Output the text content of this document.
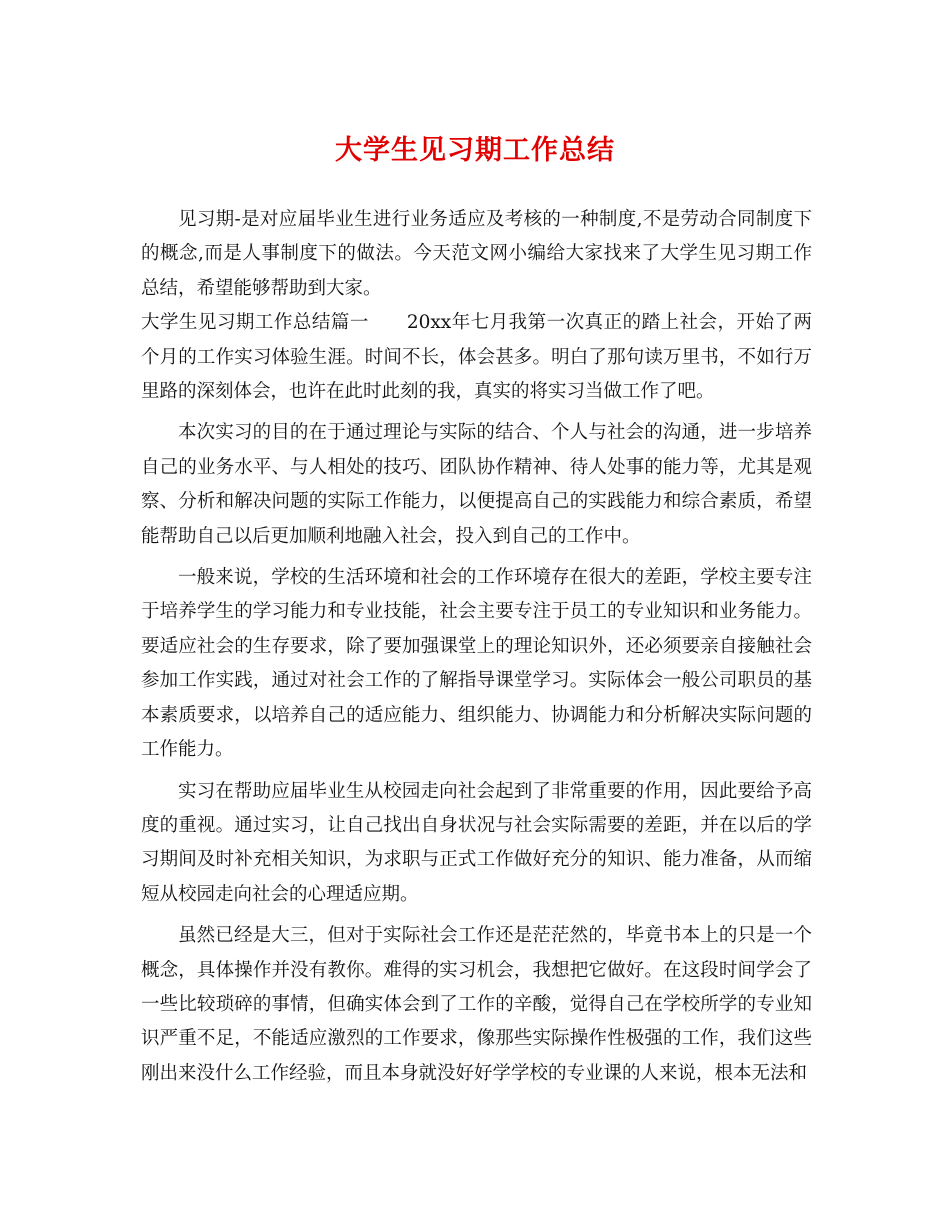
大学生见习期工作总结

见习期-是对应届毕业生进行业务适应及考核的一种制度,不是劳动合同制度下的概念,而是人事制度下的做法。今天范文网小编给大家找来了大学生见习期工作总结，希望能够帮助到大家。

大学生见习期工作总结篇一　　20xx年七月我第一次真正的踏上社会，开始了两个月的工作实习体验生涯。时间不长，体会甚多。明白了那句读万里书，不如行万里路的深刻体会，也许在此时此刻的我，真实的将实习当做工作了吧。

本次实习的目的在于通过理论与实际的结合、个人与社会的沟通，进一步培养自己的业务水平、与人相处的技巧、团队协作精神、待人处事的能力等，尤其是观察、分析和解决问题的实际工作能力，以便提高自己的实践能力和综合素质，希望能帮助自己以后更加顺利地融入社会，投入到自己的工作中。

一般来说，学校的生活环境和社会的工作环境存在很大的差距，学校主要专注于培养学生的学习能力和专业技能，社会主要专注于员工的专业知识和业务能力。要适应社会的生存要求，除了要加强课堂上的理论知识外，还必须要亲自接触社会参加工作实践，通过对社会工作的了解指导课堂学习。实际体会一般公司职员的基本素质要求，以培养自己的适应能力、组织能力、协调能力和分析解决实际问题的工作能力。

实习在帮助应届毕业生从校园走向社会起到了非常重要的作用，因此要给予高度的重视。通过实习，让自己找出自身状况与社会实际需要的差距，并在以后的学习期间及时补充相关知识，为求职与正式工作做好充分的知识、能力准备，从而缩短从校园走向社会的心理适应期。

虽然已经是大三，但对于实际社会工作还是茫茫然的，毕竟书本上的只是一个概念，具体操作并没有教你。难得的实习机会，我想把它做好。在这段时间学会了一些比较琐碎的事情，但确实体会到了工作的辛酸，觉得自己在学校所学的专业知识严重不足，不能适应激烈的工作要求，像那些实际操作性极强的工作，我们这些刚出来没什么工作经验，而且本身就没好好学学校的专业课的人来说，根本无法和
